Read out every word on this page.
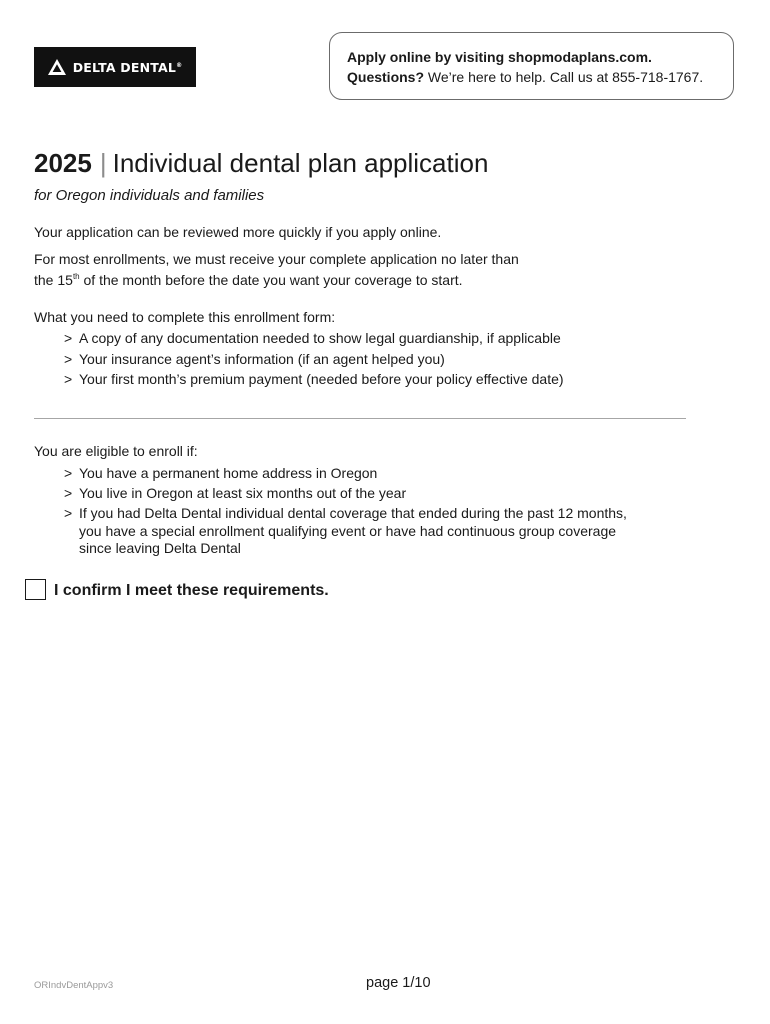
DELTA DENTAL®	Apply online by visiting shopmodaplans.com.
Questions? We’re here to help. Call us at 855-718-1767.
2025 | Individual dental plan application
for Oregon individuals and families
Your application can be reviewed more quickly if you apply online.
For most enrollments, we must receive your complete application no later than
the 15th of the month before the date you want your coverage to start.
What you need to complete this enrollment form:
> A copy of any documentation needed to show legal guardianship, if applicable
> Your insurance agent’s information (if an agent helped you)
> Your first month’s premium payment (needed before your policy effective date)
You are eligible to enroll if:
> You have a permanent home address in Oregon
> You live in Oregon at least six months out of the year
> If you had Delta Dental individual dental coverage that ended during the past 12 months, you have a special enrollment qualifying event or have had continuous group coverage since leaving Delta Dental
I confirm I meet these requirements.
ORIndvDentAppv3	page 1/10
